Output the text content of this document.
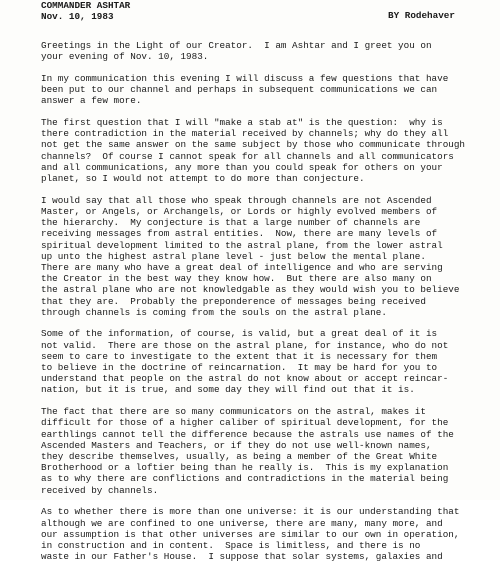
COMMANDER ASHTAR
Nov. 10, 1983	BY Rodehaver
Greetings in the Light of our Creator.  I am Ashtar and I greet you on
your evening of Nov. 10, 1983.
In my communication this evening I will discuss a few questions that have
been put to our channel and perhaps in subsequent communications we can
answer a few more.
The first question that I will "make a stab at" is the question:  why is
there contradiction in the material received by channels; why do they all
not get the same answer on the same subject by those who communicate through
channels?  Of course I cannot speak for all channels and all communicators
and all communications, any more than you could speak for others on your
planet, so I would not attempt to do more than conjecture.
I would say that all those who speak through channels are not Ascended
Master, or Angels, or Archangels, or Lords or highly evolved members of
the hierarchy.  My conjecture is that a large number of channels are
receiving messages from astral entities.  Now, there are many levels of
spiritual development limited to the astral plane, from the lower astral
up unto the highest astral plane level - just below the mental plane.
There are many who have a great deal of intelligence and who are serving
the Creator in the best way they know how.  But there are also many on
the astral plane who are not knowledgable as they would wish you to believe
that they are.  Probably the preponderence of messages being received
through channels is coming from the souls on the astral plane.
Some of the information, of course, is valid, but a great deal of it is
not valid.  There are those on the astral plane, for instance, who do not
seem to care to investigate to the extent that it is necessary for them
to believe in the doctrine of reincarnation.  It may be hard for you to
understand that people on the astral do not know about or accept reincar-
nation, but it is true, and some day they will find out that it is.
The fact that there are so many communicators on the astral, makes it
difficult for those of a higher caliber of spiritual development, for the
earthlings cannot tell the difference because the astrals use names of the
Ascended Masters and Teachers, or if they do not use well-known names,
they describe themselves, usually, as being a member of the Great White
Brotherhood or a loftier being than he really is.  This is my explanation
as to why there are conflictions and contradictions in the material being
received by channels.
As to whether there is more than one universe: it is our understanding that
although we are confined to one universe, there are many, many more, and
our assumption is that other universes are similar to our own in operation,
in construction and in content.  Space is limitless, and there is no
waste in our Father's House.  I suppose that solar systems, galaxies and
